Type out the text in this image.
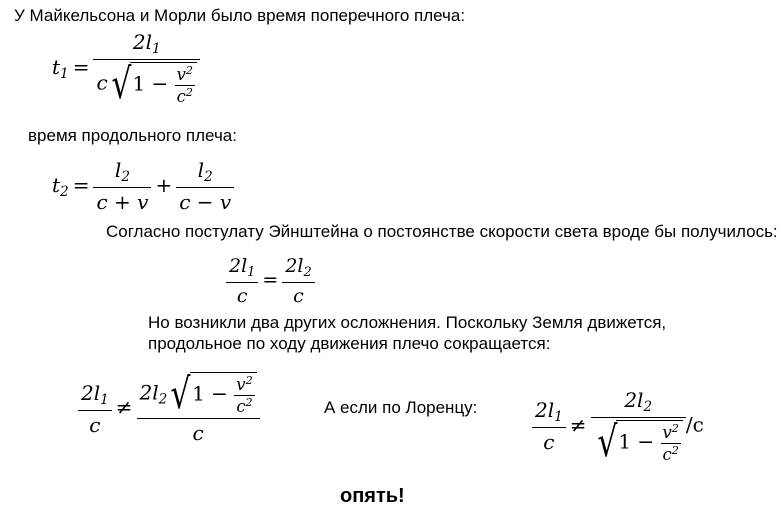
У Майкельсона и Морли было время поперечного плеча:
время продольного плеча:
Согласно постулату Эйнштейна о постоянстве скорости света вроде бы получилось:
Но возникли два других осложнения. Поскольку Земля движется,
продольное по ходу движения плечо сокращается:
А если по Лоренцу:
опять!
$t_1 = \frac{2l_1}{c√1 - \frac{v^2}{c^2}}$
$t_2 = \frac{l_2}{c + v} + \frac{l_2}{c - v}$
$\frac{2l_1}{c} = \frac{2l_2}{c}$
$\frac{2l_1}{c} \ne \frac{2l_2√1 - \frac{v^2}{c^2}}{c}$	$\frac{2l_1}{c} \ne \frac{2l_2}{√1 - \frac{v^2}{c^2}} /c$
